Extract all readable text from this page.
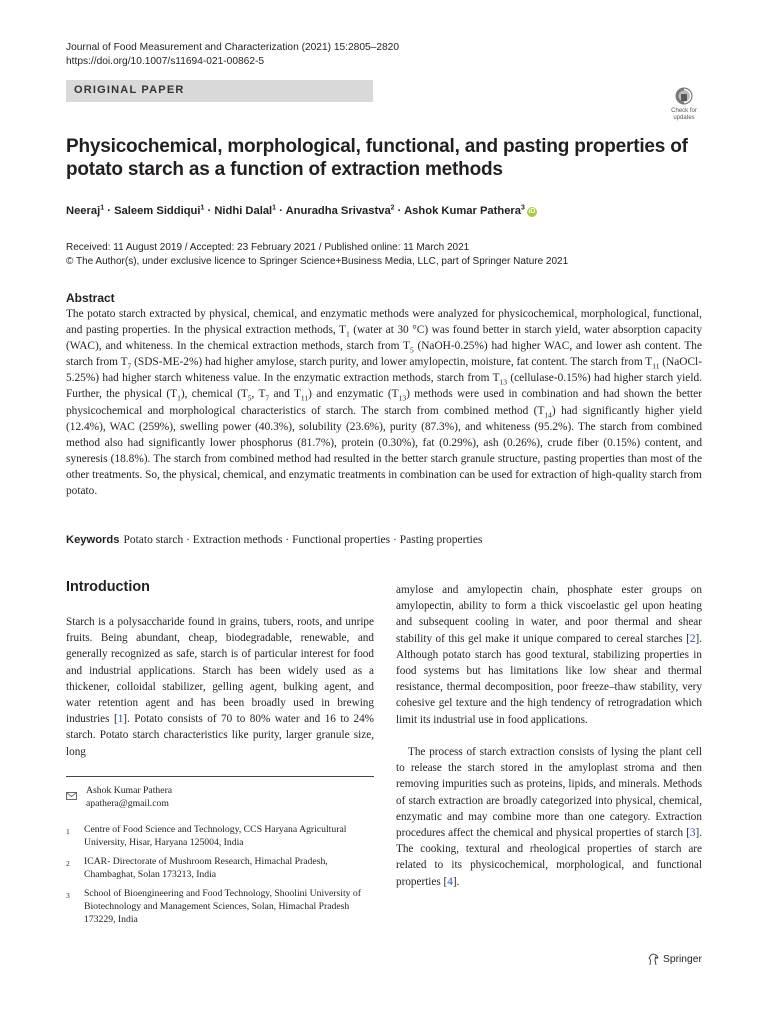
Journal of Food Measurement and Characterization (2021) 15:2805–2820
https://doi.org/10.1007/s11694-021-00862-5
ORIGINAL PAPER
Check for
updates
Physicochemical, morphological, functional, and pasting properties of potato starch as a function of extraction methods
Neeraj$^1$ · Saleem Siddiqui$^1$ · Nidhi Dalal$^1$ · Anuradha Srivastva$^2$ · Ashok Kumar Pathera$^3$iD
Received: 11 August 2019 / Accepted: 23 February 2021 / Published online: 11 March 2021
© The Author(s), under exclusive licence to Springer Science+Business Media, LLC, part of Springer Nature 2021
Abstract
The potato starch extracted by physical, chemical, and enzymatic methods were analyzed for physicochemical, morphological, functional, and pasting properties. In the physical extraction methods, $T_1$ (water at 30 °C) was found better in starch yield, water absorption capacity (WAC), and whiteness. In the chemical extraction methods, starch from $T_5$ (NaOH-0.25%) had higher WAC, and lower ash content. The starch from $T_7$ (SDS-ME-2%) had higher amylose, starch purity, and lower amylopectin, moisture, fat content. The starch from $T_{11}$ (NaOCl-5.25%) had higher starch whiteness value. In the enzymatic extraction methods, starch from $T_{13}$ (cellulase-0.15%) had higher starch yield. Further, the physical $(T_1)$, chemical ($T_5$, $T_7$ and $T_{11}$) and enzymatic $(T_{13})$ methods were used in combination and had shown the better physicochemical and morphological characteristics of starch. The starch from combined method $(T_{14})$ had significantly higher yield (12.4%), WAC (259%), swelling power (40.3%), solubility (23.6%), purity (87.3%), and whiteness (95.2%). The starch from combined method also had significantly lower phosphorus (81.7%), protein (0.30%), fat (0.29%), ash (0.26%), crude fiber (0.15%) content, and syneresis (18.8%). The starch from combined method had resulted in the better starch granule structure, pasting properties than most of the other treatments. So, the physical, chemical, and enzymatic treatments in combination can be used for extraction of high-quality starch from potato.
Keywords Potato starch · Extraction methods · Functional properties · Pasting properties
Introduction
Starch is a polysaccharide found in grains, tubers, roots, and unripe fruits. Being abundant, cheap, biodegradable, renewable, and generally recognized as safe, starch is of particular interest for food and industrial applications. Starch has been widely used as a thickener, colloidal stabilizer, gelling agent, bulking agent, and water retention agent and has been broadly used in brewing industries [1]. Potato consists of 70 to 80% water and 16 to 24% starch. Potato starch characteristics like purity, larger granule size, long
amylose and amylopectin chain, phosphate ester groups on amylopectin, ability to form a thick viscoelastic gel upon heating and subsequent cooling in water, and poor thermal and shear stability of this gel make it unique compared to cereal starches [2]. Although potato starch has good textural, stabilizing properties in food systems but has limitations like low shear and thermal resistance, thermal decomposition, poor freeze–thaw stability, very cohesive gel texture and the high tendency of retrogradation which limit its industrial use in food applications.
The process of starch extraction consists of lysing the plant cell to release the starch stored in the amyloplast stroma and then removing impurities such as proteins, lipids, and minerals. Methods of starch extraction are broadly categorized into physical, chemical, enzymatic and may combine more than one category. Extraction procedures affect the chemical and physical properties of starch [3]. The cooking, textural and rheological properties of starch are related to its physicochemical, morphological, and functional properties [4].
Ashok Kumar Pathera
apathera@gmail.com
1 Centre of Food Science and Technology, CCS Haryana Agricultural University, Hisar, Haryana 125004, India
2 ICAR- Directorate of Mushroom Research, Himachal Pradesh, Chambaghat, Solan 173213, India
3 School of Bioengineering and Food Technology, Shoolini University of Biotechnology and Management Sciences, Solan, Himachal Pradesh 173229, India
Springer
